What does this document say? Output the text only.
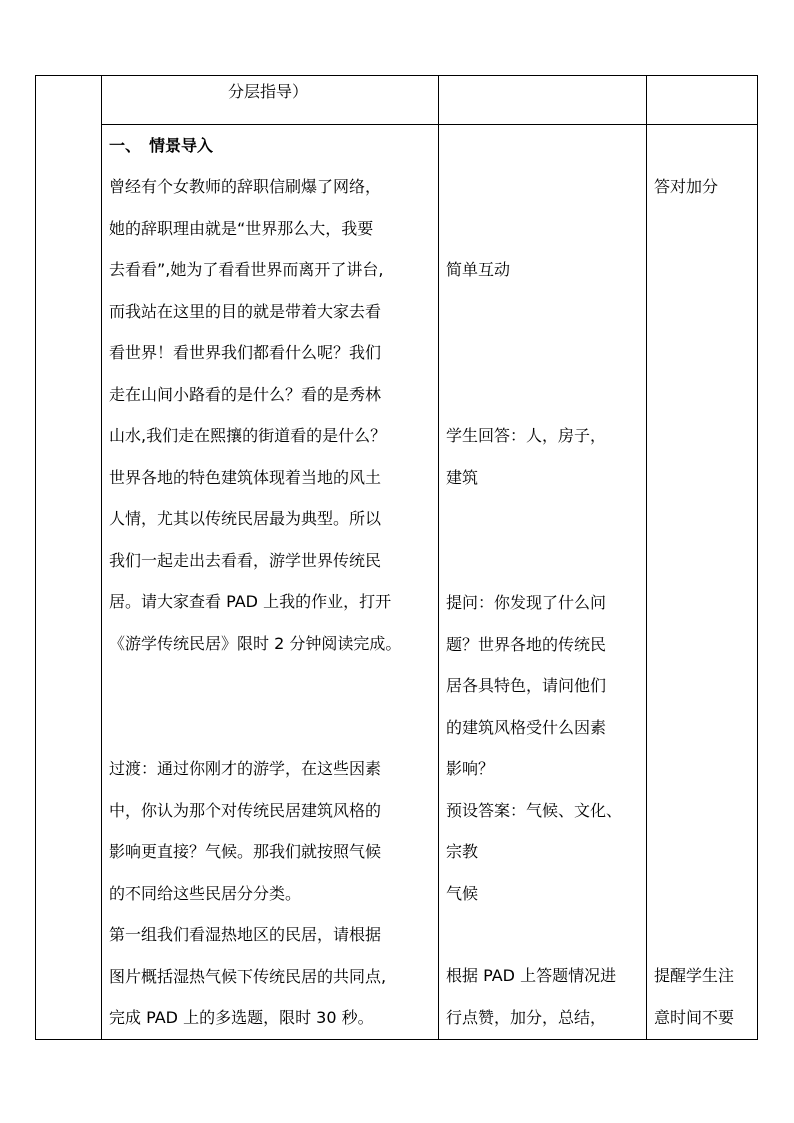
分层指导）
一、　情景导入
曾经有个女教师的辞职信刷爆了网络，
她的辞职理由就是“世界那么大，我要
去看看”,她为了看看世界而离开了讲台,
而我站在这里的目的就是带着大家去看
看世界！看世界我们都看什么呢？我们
走在山间小路看的是什么？看的是秀林
山水,我们走在熙攘的街道看的是什么？
世界各地的特色建筑体现着当地的风土
人情，尤其以传统民居最为典型。所以
我们一起走出去看看，游学世界传统民
居。请大家查看 PAD 上我的作业，打开
《游学传统民居》限时 2 分钟阅读完成。
过渡：通过你刚才的游学，在这些因素
中，你认为那个对传统民居建筑风格的
影响更直接？气候。那我们就按照气候
的不同给这些民居分分类。
第一组我们看湿热地区的民居，请根据
图片概括湿热气候下传统民居的共同点,
完成 PAD 上的多选题，限时 30 秒。
简单互动
学生回答：人，房子，
建筑
提问：你发现了什么问
题？世界各地的传统民
居各具特色，请问他们
的建筑风格受什么因素
影响？
预设答案：气候、文化、
宗教
气候
根据 PAD 上答题情况进
行点赞，加分，总结，
答对加分
提醒学生注
意时间不要
